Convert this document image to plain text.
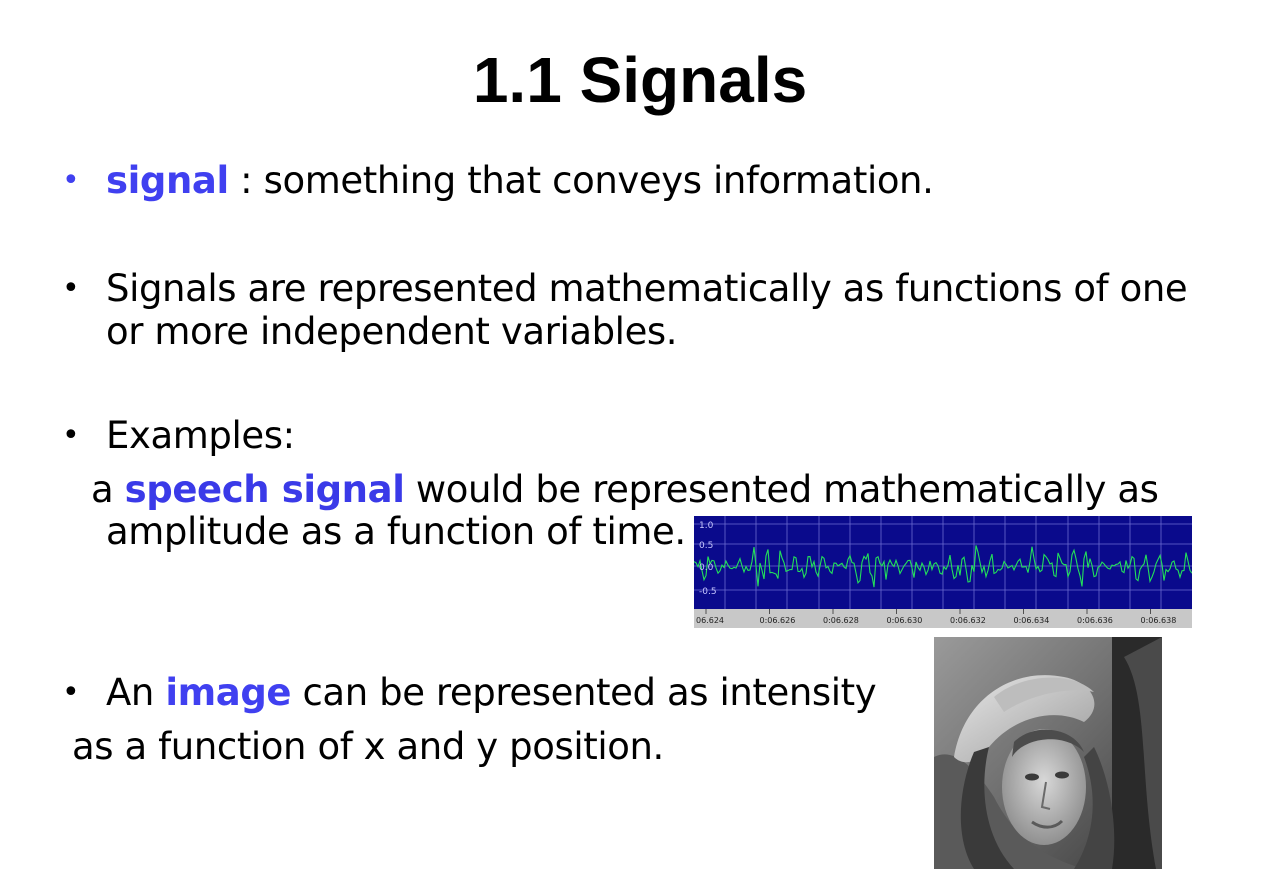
1.1 Signals
• signal : something that conveys information.
• Signals are represented mathematically as functions of one
or more independent variables.
• Examples:
a speech signal would be represented mathematically as
amplitude as a function of time. 1.0
0.5
0.0
-0.5
06.624	0:06.626	0:06.628	0:06.630	0:06.632	0:06.634	0:06.636	0:06.638
• An image can be represented as intensity
as a function of x and y position.
